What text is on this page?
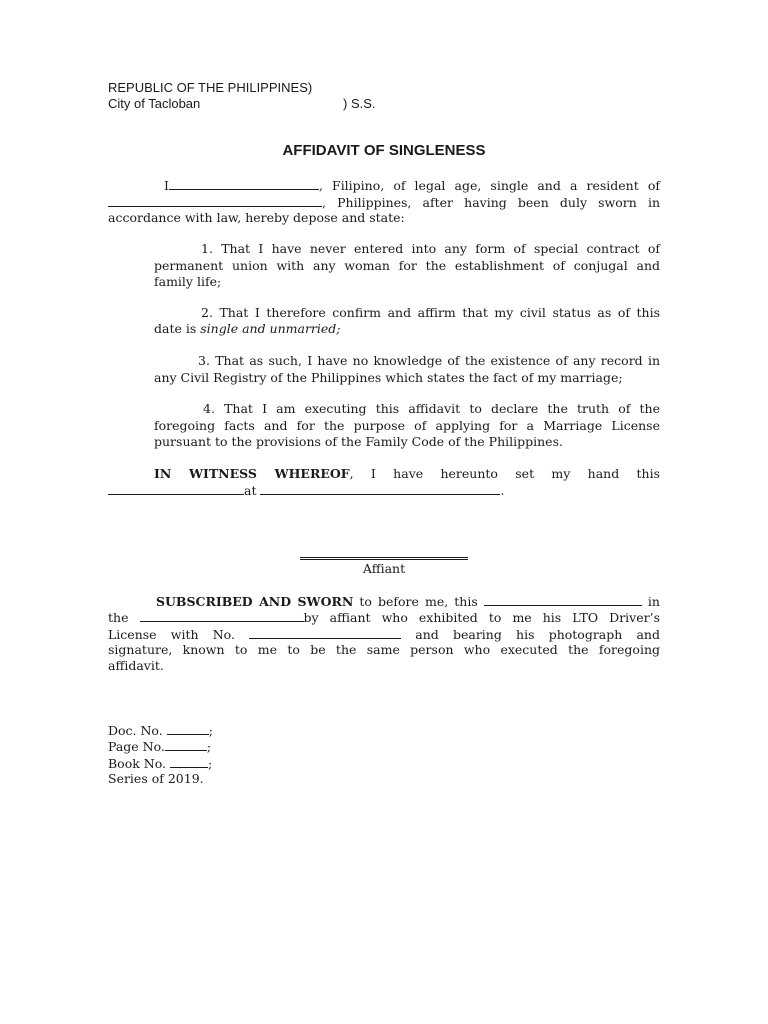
REPUBLIC OF THE PHILIPPINES)
City of Tacloban	) S.S.
AFFIDAVIT OF SINGLENESS
I	, Filipino, of legal age, single and a resident of
, Philippines, after having been duly sworn in
accordance with law, hereby depose and state:
1. That I have never entered into any form of special contract of
permanent union with any woman for the establishment of conjugal and
family life;
2. That I therefore confirm and affirm that my civil status as of this
date is single and unmarried;
3. That as such, I have no knowledge of the existence of any record in
any Civil Registry of the Philippines which states the fact of my marriage;
4. That I am executing this affidavit to declare the truth of the
foregoing facts and for the purpose of applying for a Marriage License
pursuant to the provisions of the Family Code of the Philippines.
IN WITNESS WHEREOF, I have hereunto set my hand this
at	.
Affiant
SUBSCRIBED AND SWORN to before me, this	in
the	by affiant who exhibited to me his LTO Driver’s
License with No.	and bearing his photograph and
signature, known to me to be the same person who executed the foregoing
affidavit.
Doc. No.	;
Page No.	;
Book No.	;
Series of 2019.
